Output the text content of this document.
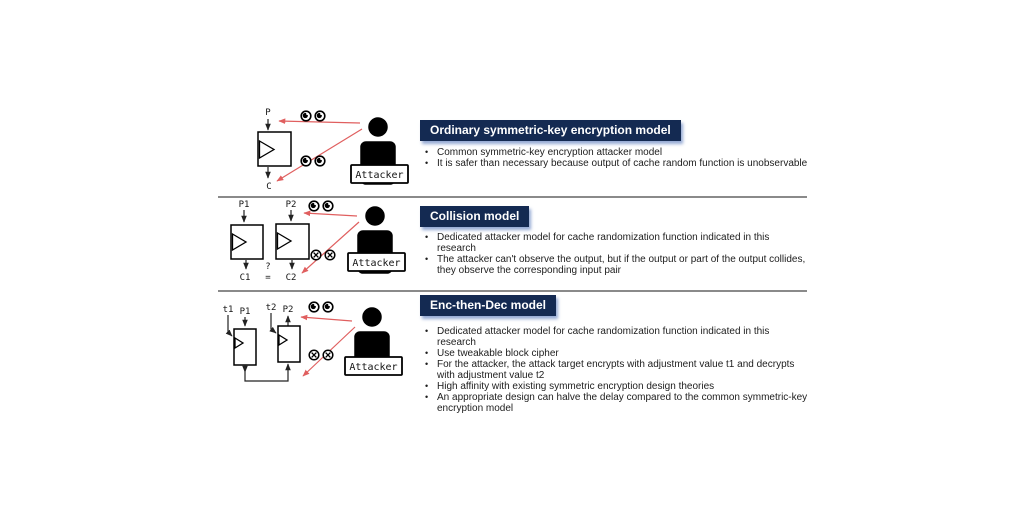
P
C
Attacker
Ordinary symmetric-key encryption model
• Common symmetric-key encryption attacker model
• It is safer than necessary because output of cache random function is unobservable
P1	P2
C1	C2
?
=
Attacker
Collision model
• Dedicated attacker model for cache randomization function indicated in this research
• The attacker can't observe the output, but if the output or part of the output collides, they observe the corresponding input pair
t1 P1 t2 P2
Attacker
Enc-then-Dec model
• Dedicated attacker model for cache randomization function indicated in this research
• Use tweakable block cipher
• For the attacker, the attack target encrypts with adjustment value t1 and decrypts with adjustment value t2
• High affinity with existing symmetric encryption design theories
• An appropriate design can halve the delay compared to the common symmetric-key encryption model
